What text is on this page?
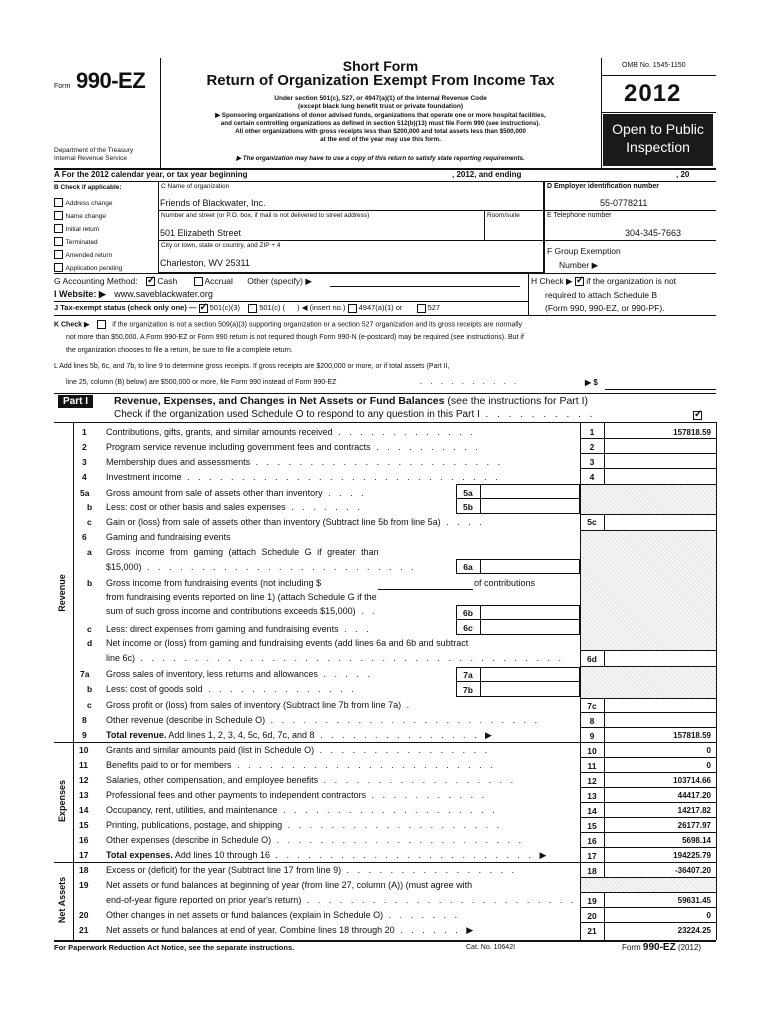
Form 990-EZ
Department of the Treasury
Internal Revenue Service
Short Form
Return of Organization Exempt From Income Tax
Under section 501(c), 527, or 4947(a)(1) of the Internal Revenue Code
(except black lung benefit trust or private foundation)
▶ Sponsoring organizations of donor advised funds, organizations that operate one or more hospital facilities,
and certain controlling organizations as defined in section 512(b)(13) must file Form 990 (see instructions).
All other organizations with gross receipts less than $200,000 and total assets less than $500,000
at the end of the year may use this form.
▶ The organization may have to use a copy of this return to satisfy state reporting requirements.
OMB No. 1545-1150
2012
Open to Public
Inspection
A For the 2012 calendar year, or tax year beginning	, 2012, and ending	, 20
B Check if applicable:
Address change
Name change
Initial return
Terminated
Amended return
Application pending
C Name of organization
Friends of Blackwater, Inc.
Number and street (or P.O. box, if mail is not delivered to street address)	Room/suite
501 Elizabeth Street
City or town, state or country, and ZIP + 4
Charleston, WV 25311
D Employer identification number
55-0778211
E Telephone number
304-345-7663
F Group Exemption
Number ▶
G Accounting Method: ✓ Cash	Accrual Other (specify) ▶	H Check ▶ ✓ if the organization is not
required to attach Schedule B
(Form 990, 990-EZ, or 990-PF).
I Website: ▶ www.saveblackwater.org
J Tax-exempt status (check only one) — ✓ 501(c)(3)	501(c) ( ) ◀ (insert no.) 4947(a)(1) or	527
K Check ▶	if the organization is not a section 509(a)(3) supporting organization or a section 527 organization and its gross receipts are normally
not more than $50,000. A Form 990-EZ or Form 990 return is not required though Form 990-N (e-postcard) may be required (see instructions). But if
the organization chooses to file a return, be sure to file a complete return.
L Add lines 5b, 6c, and 7b, to line 9 to determine gross receipts. If gross receipts are $200,000 or more, or if total assets (Part II,
line 25, column (B) below) are $500,000 or more, file Form 990 instead of Form 990-EZ	. . . . . . . . . .	▶ $
Part I	Revenue, Expenses, and Changes in Net Assets or Fund Balances (see the instructions for Part I)
Check if the organization used Schedule O to respond to any question in this Part I . . . . . . . . . .
✓
Revenue
Expenses
Net Assets
1 Contributions, gifts, grants, and similar amounts received . . . . . . . . . . . . .	1	157818.59
2 Program service revenue including government fees and contracts . . . . . . . . . .	2
3 Membership dues and assessments . . . . . . . . . . . . . . . . . . . . . . .	3
4 Investment income . . . . . . . . . . . . . . . . . . . . . . . . . . . . .	4
5a Gross amount from sale of assets other than inventory . . . .	5a
b Less: cost or other basis and sales expenses . . . . . . .	5b
c Gain or (loss) from sale of assets other than inventory (Subtract line 5b from line 5a) . . . .	5c
6 Gaming and fundraising events
a Gross income from gaming (attach Schedule G if greater than
$15,000) . . . . . . . . . . . . . . . . . . . . . . . . .	6a
b Gross income from fundraising events (not including $	of contributions
from fundraising events reported on line 1) (attach Schedule G if the
sum of such gross income and contributions exceeds $15,000) . .	6b
c Less: direct expenses from gaming and fundraising events . . .	6c
d Net income or (loss) from gaming and fundraising events (add lines 6a and 6b and subtract
line 6c) . . . . . . . . . . . . . . . . . . . . . . . . . . . . . . . . . . . . . . .	6d
7a Gross sales of inventory, less returns and allowances . . . . .	7a
b Less: cost of goods sold . . . . . . . . . . . . . .	7b
c Gross profit or (loss) from sales of inventory (Subtract line 7b from line 7a) .	7c
8 Other revenue (describe in Schedule O) . . . . . . . . . . . . . . . . . . . . . . . . .	8
9 Total revenue. Add lines 1, 2, 3, 4, 5c, 6d, 7c, and 8 . . . . . . . . . . . . . . . ▶	9	157818.59
10 Grants and similar amounts paid (list in Schedule O) . . . . . . . . . . . . . . . .	10	0
11 Benefits paid to or for members . . . . . . . . . . . . . . . . . . . . . . . .	11	0
12 Salaries, other compensation, and employee benefits . . . . . . . . . . . . . . . . . .	12	103714.66
13 Professional fees and other payments to independent contractors . . . . . . . . . . .	13	44417.20
14 Occupancy, rent, utilities, and maintenance . . . . . . . . . . . . . . . . . . . .	14	14217.82
15 Printing, publications, postage, and shipping . . . . . . . . . . . . . . . . . . . .	15	26177.97
16 Other expenses (describe in Schedule O) . . . . . . . . . . . . . . . . . . . . . . .	16	5698.14
17 Total expenses. Add lines 10 through 16 . . . . . . . . . . . . . . . . . . . . . . . . ▶	17	194225.79
18 Excess or (deficit) for the year (Subtract line 17 from line 9) . . . . . . . . . . . . . . . .	18	-36407.20
19 Net assets or fund balances at beginning of year (from line 27, column (A)) (must agree with
end-of-year figure reported on prior year's return) . . . . . . . . . . . . . . . . . . . . . . . . .	19	59631.45
20 Other changes in net assets or fund balances (explain in Schedule O) . . . . . . .	20	0
21 Net assets or fund balances at end of year. Combine lines 18 through 20 . . . . . . ▶	21	23224.25
For Paperwork Reduction Act Notice, see the separate instructions.	Cat. No. 10642I	Form 990-EZ (2012)
